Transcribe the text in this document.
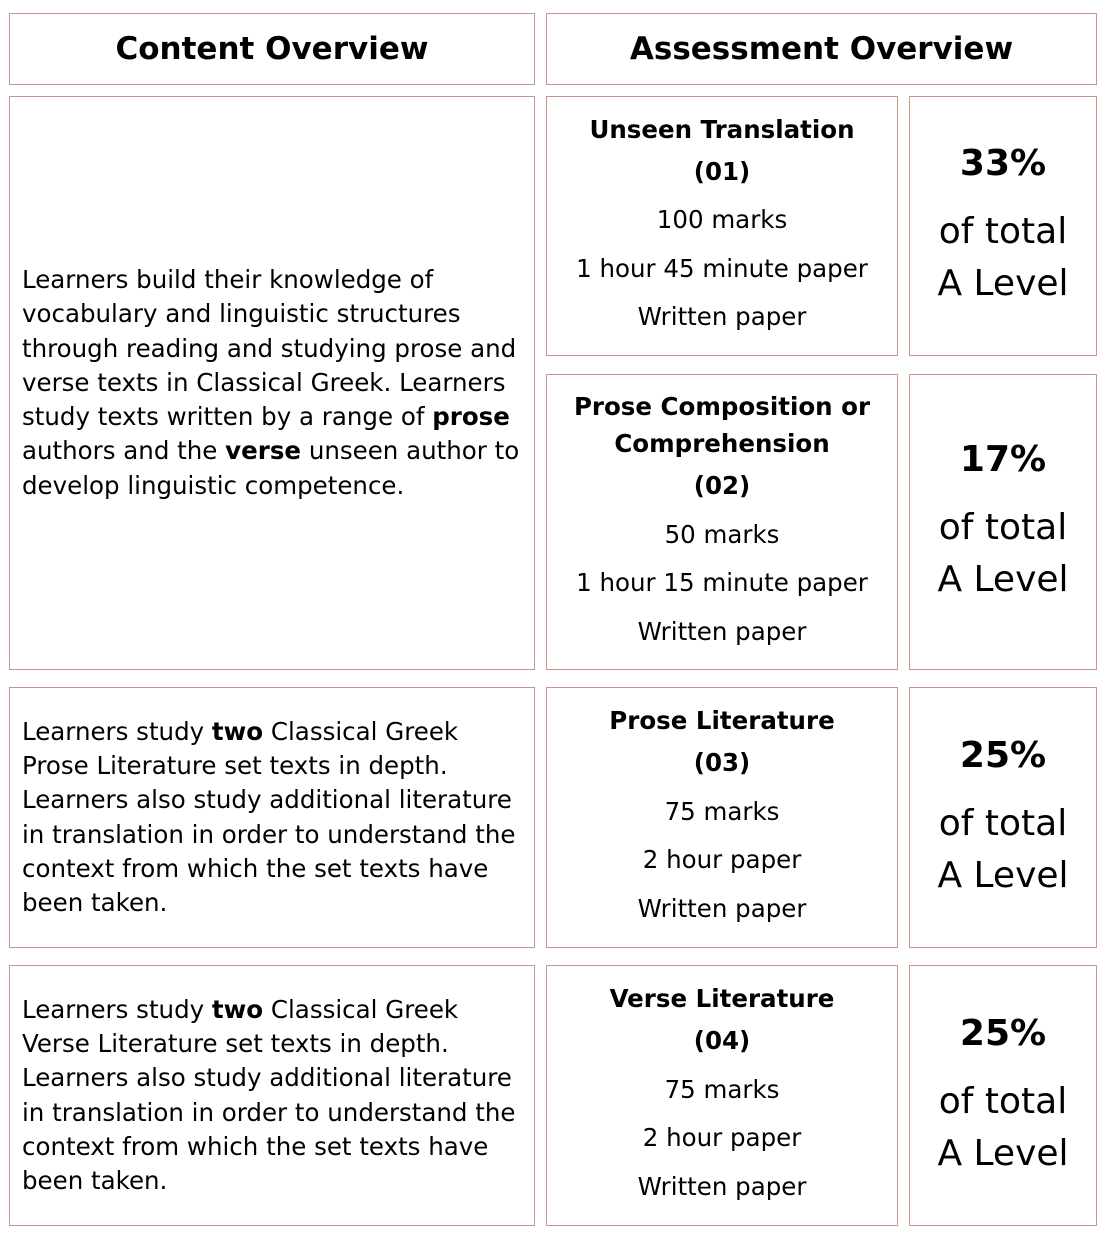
Content Overview	Assessment Overview

Learners build their knowledge of vocabulary and linguistic structures through reading and studying prose and verse texts in Classical Greek. Learners study texts written by a range of prose authors and the verse unseen author to develop linguistic competence.

Learners study two Classical Greek Prose Literature set texts in depth. Learners also study additional literature in translation in order to understand the context from which the set texts have been taken.

Learners study two Classical Greek Verse Literature set texts in depth. Learners also study additional literature in translation in order to understand the context from which the set texts have been taken.

Unseen Translation
(01)
100 marks
1 hour 45 minute paper
Written paper
33%
of total
A Level
Prose Composition or
Comprehension
(02)
50 marks
1 hour 15 minute paper
Written paper
17%
of total
A Level
Prose Literature
(03)
75 marks
2 hour paper
Written paper
25%
of total
A Level
Verse Literature
(04)
75 marks
2 hour paper
Written paper
25%
of total
A Level
